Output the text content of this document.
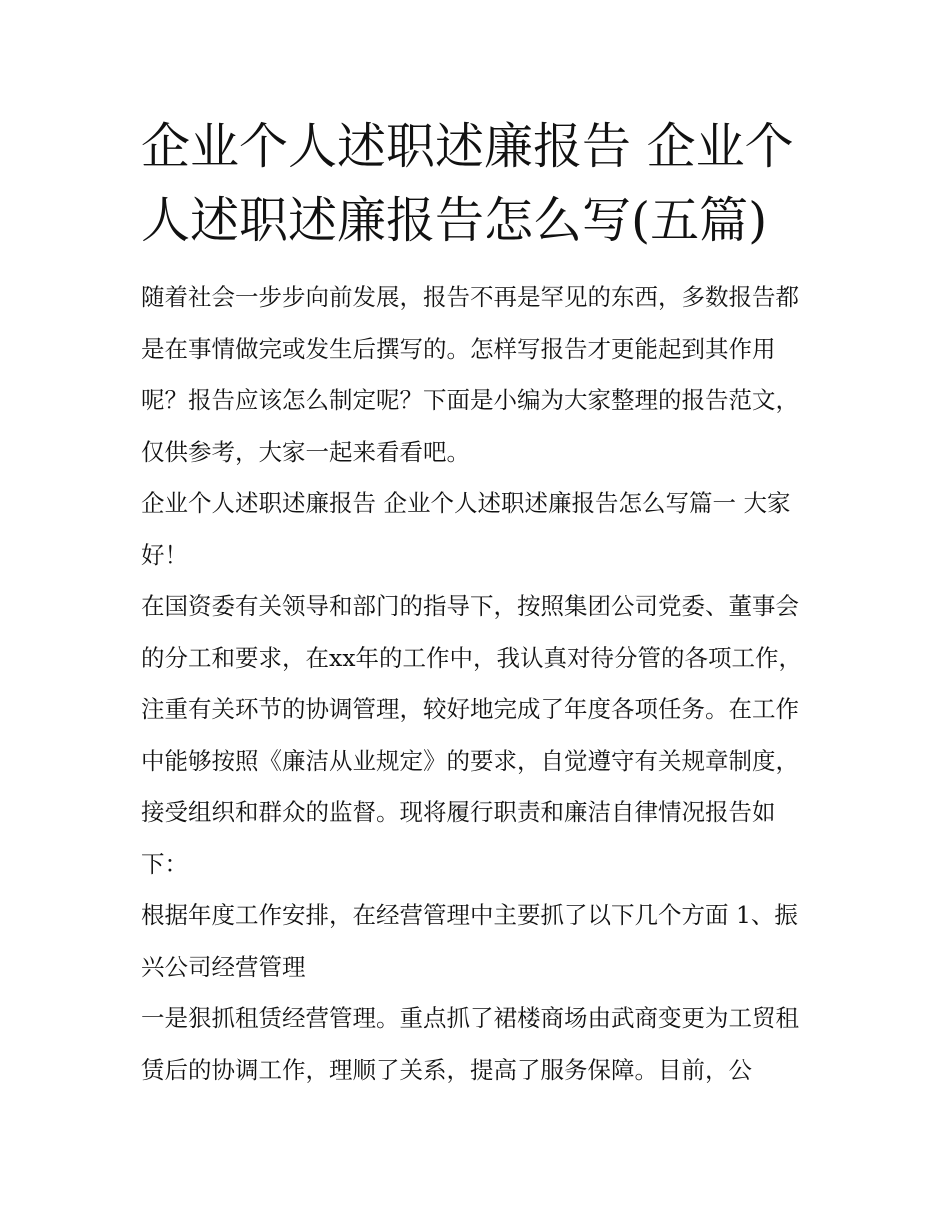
企业个人述职述廉报告 企业个人述职述廉报告怎么写(五篇)

随着社会一步步向前发展，报告不再是罕见的东西，多数报告都是在事情做完或发生后撰写的。怎样写报告才更能起到其作用呢？报告应该怎么制定呢？下面是小编为大家整理的报告范文，仅供参考，大家一起来看看吧。

企业个人述职述廉报告 企业个人述职述廉报告怎么写篇一 大家好！

在国资委有关领导和部门的指导下，按照集团公司党委、董事会的分工和要求，在xx年的工作中，我认真对待分管的各项工作，注重有关环节的协调管理，较好地完成了年度各项任务。在工作中能够按照《廉洁从业规定》的要求，自觉遵守有关规章制度，接受组织和群众的监督。现将履行职责和廉洁自律情况报告如下：

根据年度工作安排，在经营管理中主要抓了以下几个方面 1、振兴公司经营管理

一是狠抓租赁经营管理。重点抓了裙楼商场由武商变更为工贸租赁后的协调工作，理顺了关系，提高了服务保障。目前，公
